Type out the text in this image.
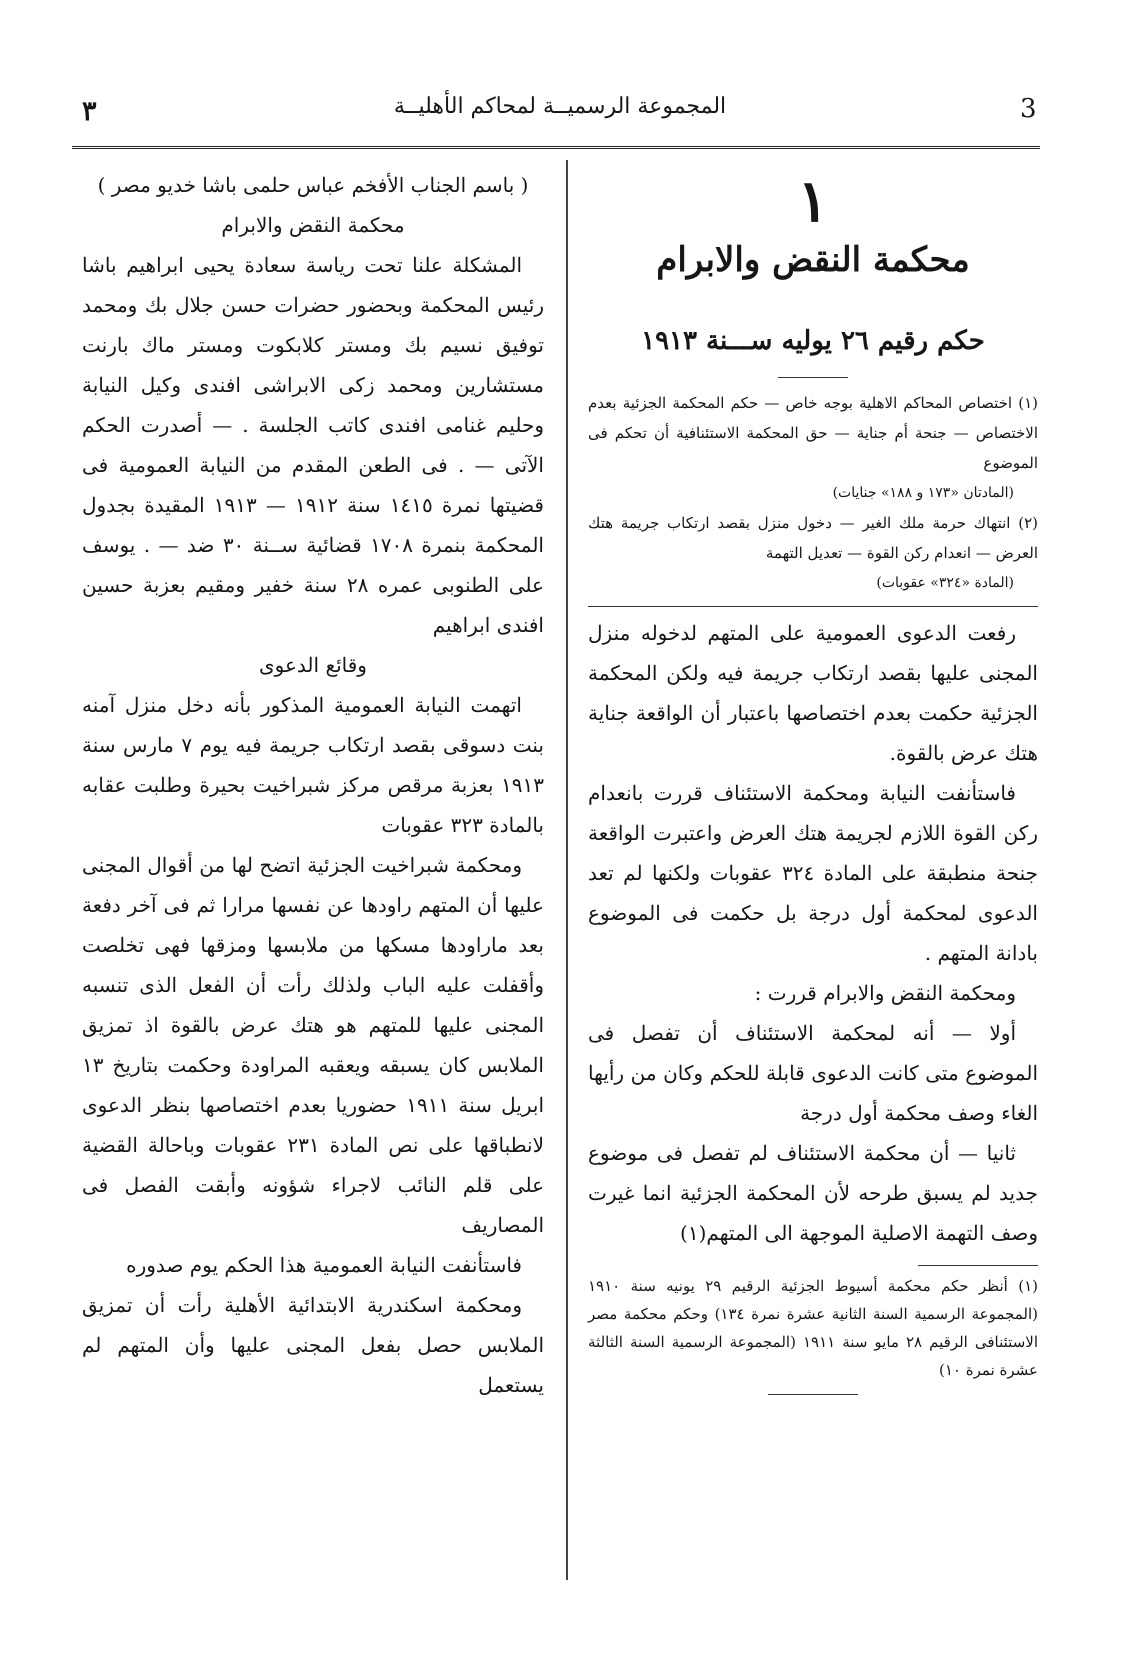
٣	المجموعة الرسميــة لمحاكم الأهليــة	3
١
محكمة النقض والابرام
حكم رقيم ٢٦ يوليه ســـنة ١٩١٣

(١) اختصاص المحاكم الاهلية بوجه خاص — حكم المحكمة الجزئية بعدم الاختصاص — جنحة أم جناية — حق المحكمة الاستئنافية أن تحكم فى الموضوع

(المادتان «١٧٣ و ١٨٨» جنايات)

(٢) انتهاك حرمة ملك الغير — دخول منزل بقصد ارتكاب جريمة هتك العرض — انعدام ركن القوة — تعديل التهمة

(المادة «٣٢٤» عقوبات)

رفعت الدعوى العمومية على المتهم لدخوله منزل المجنى عليها بقصد ارتكاب جريمة فيه ولكن المحكمة الجزئية حكمت بعدم اختصاصها باعتبار أن الواقعة جناية هتك عرض بالقوة.

فاستأنفت النيابة ومحكمة الاستئناف قررت بانعدام ركن القوة اللازم لجريمة هتك العرض واعتبرت الواقعة جنحة منطبقة على المادة ٣٢٤ عقوبات ولكنها لم تعد الدعوى لمحكمة أول درجة بل حكمت فى الموضوع بادانة المتهم .

ومحكمة النقض والابرام قررت :

أولا — أنه لمحكمة الاستئناف أن تفصل فى الموضوع متى كانت الدعوى قابلة للحكم وكان من رأيها الغاء وصف محكمة أول درجة

ثانيا — أن محكمة الاستئناف لم تفصل فى موضوع جديد لم يسبق طرحه لأن المحكمة الجزئية انما غيرت وصف التهمة الاصلية الموجهة الى المتهم(١)

(١) أنظر حكم محكمة أسيوط الجزئية الرقيم ٢٩ يونيه سنة ١٩١٠ (المجموعة الرسمية السنة الثانية عشرة نمرة ١٣٤) وحكم محكمة مصر الاستئنافى الرقيم ٢٨ مايو سنة ١٩١١ (المجموعة الرسمية السنة الثالثة عشرة نمرة ١٠)

( باسم الجناب الأفخم عباس حلمى باشا خديو مصر )

محكمة النقض والابرام

المشكلة علنا تحت رياسة سعادة يحيى ابراهيم باشا رئيس المحكمة وبحضور حضرات حسن جلال بك ومحمد توفيق نسيم بك ومستر كلابكوت ومستر ماك بارنت مستشارين ومحمد زكى الابراشى افندى وكيل النيابة وحليم غنامى افندى كاتب الجلسة . — أصدرت الحكم الآتى — . فى الطعن المقدم من النيابة العمومية فى قضيتها نمرة ١٤١٥ سنة ١٩١٢ — ١٩١٣ المقيدة بجدول المحكمة بنمرة ١٧٠٨ قضائية ســنة ٣٠ ضد — . يوسف على الطنوبى عمره ٢٨ سنة خفير ومقيم بعزبة حسين افندى ابراهيم

وقائع الدعوى

اتهمت النيابة العمومية المذكور بأنه دخل منزل آمنه بنت دسوقى بقصد ارتكاب جريمة فيه يوم ٧ مارس سنة ١٩١٣ بعزبة مرقص مركز شبراخيت بحيرة وطلبت عقابه بالمادة ٣٢٣ عقوبات

ومحكمة شبراخيت الجزئية اتضح لها من أقوال المجنى عليها أن المتهم راودها عن نفسها مرارا ثم فى آخر دفعة بعد ماراودها مسكها من ملابسها ومزقها فهى تخلصت وأقفلت عليه الباب ولذلك رأت أن الفعل الذى تنسبه المجنى عليها للمتهم هو هتك عرض بالقوة اذ تمزيق الملابس كان يسبقه ويعقبه المراودة وحكمت بتاريخ ١٣ ابريل سنة ١٩١١ حضوريا بعدم اختصاصها بنظر الدعوى لانطباقها على نص المادة ٢٣١ عقوبات وباحالة القضية على قلم النائب لاجراء شؤونه وأبقت الفصل فى المصاريف

فاستأنفت النيابة العمومية هذا الحكم يوم صدوره

ومحكمة اسكندرية الابتدائية الأهلية رأت أن تمزيق الملابس حصل بفعل المجنى عليها وأن المتهم لم يستعمل
